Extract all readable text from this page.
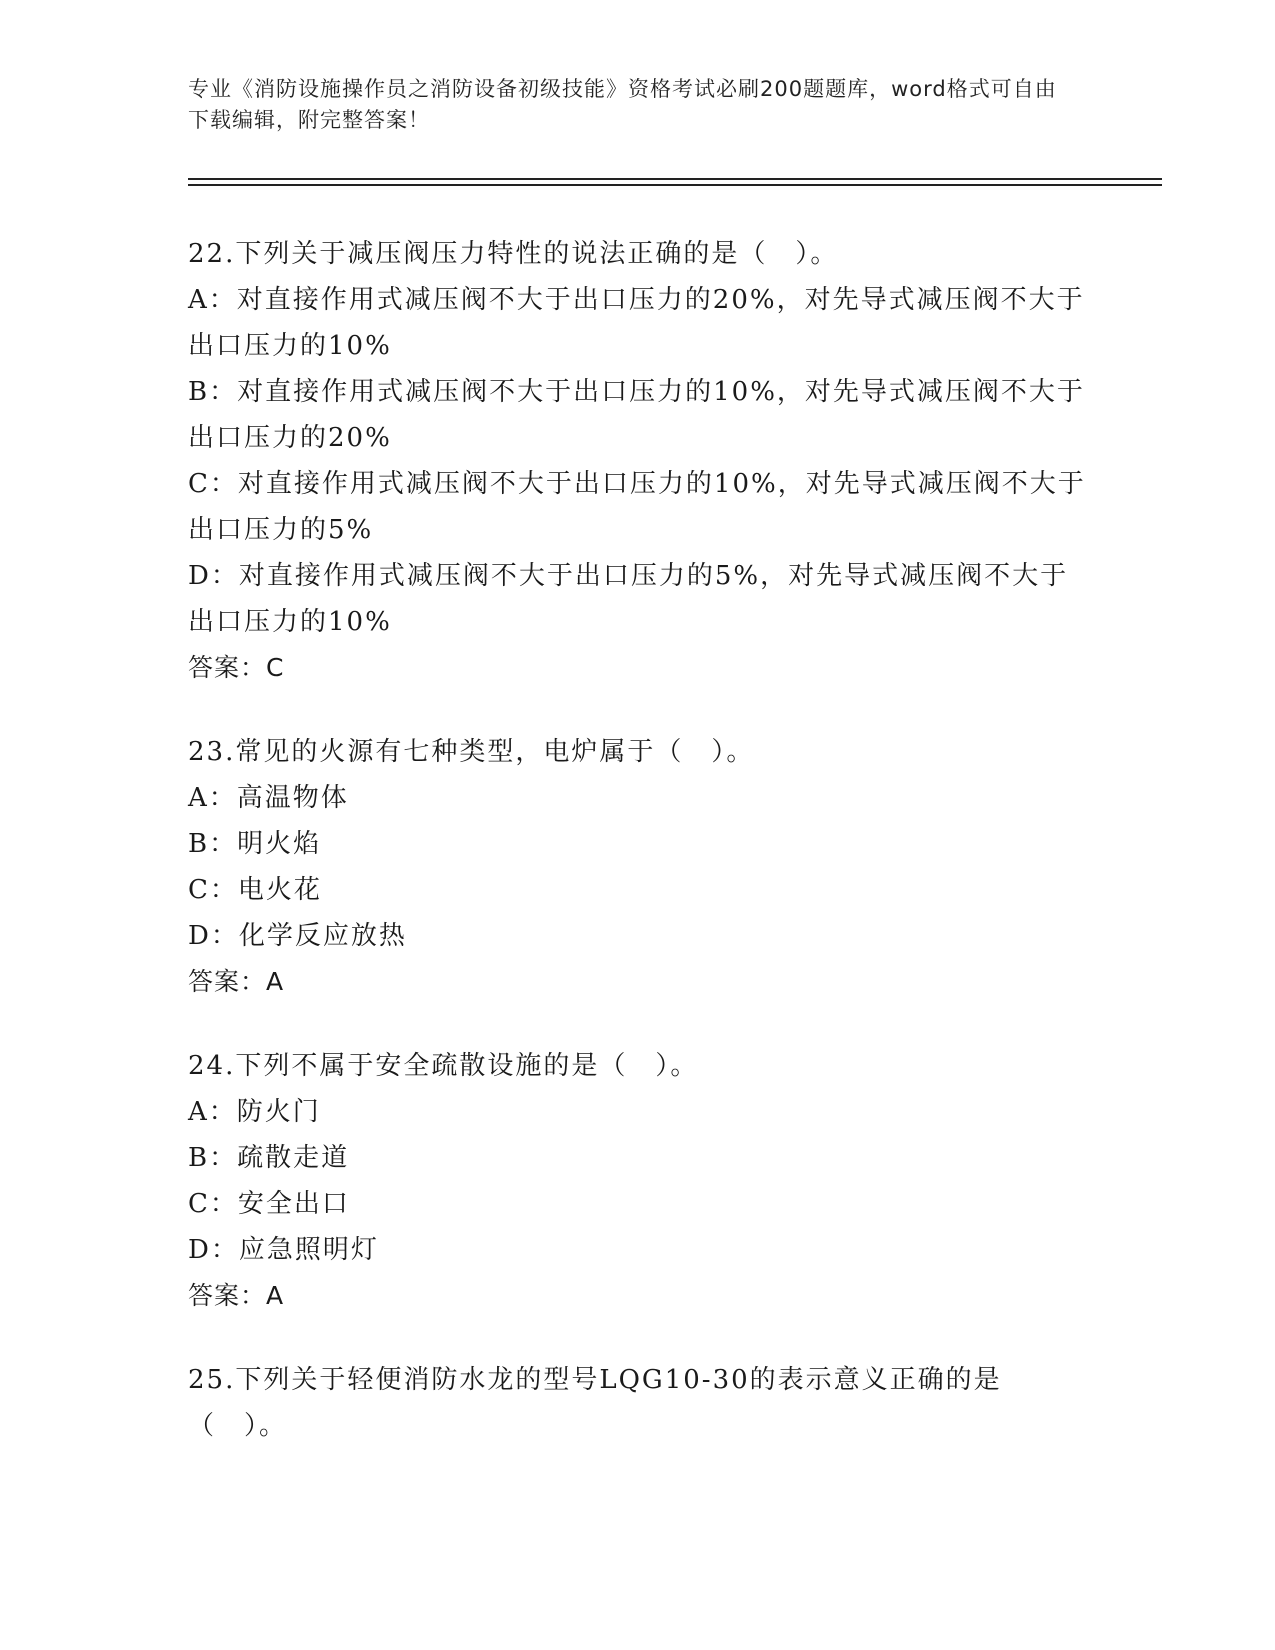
专业《消防设施操作员之消防设备初级技能》资格考试必刷200题题库，word格式可自由下载编辑，附完整答案！
22.下列关于减压阀压力特性的说法正确的是（　）。
A：对直接作用式减压阀不大于出口压力的20%，对先导式减压阀不大于出口压力的10%
B：对直接作用式减压阀不大于出口压力的10%，对先导式减压阀不大于出口压力的20%
C：对直接作用式减压阀不大于出口压力的10%，对先导式减压阀不大于出口压力的5%
D：对直接作用式减压阀不大于出口压力的5%，对先导式减压阀不大于出口压力的10%
答案：C
23.常见的火源有七种类型，电炉属于（　）。
A：高温物体
B：明火焰
C：电火花
D：化学反应放热
答案：A
24.下列不属于安全疏散设施的是（　）。
A：防火门
B：疏散走道
C：安全出口
D：应急照明灯
答案：A
25.下列关于轻便消防水龙的型号LQG10-30的表示意义正确的是（　）。
